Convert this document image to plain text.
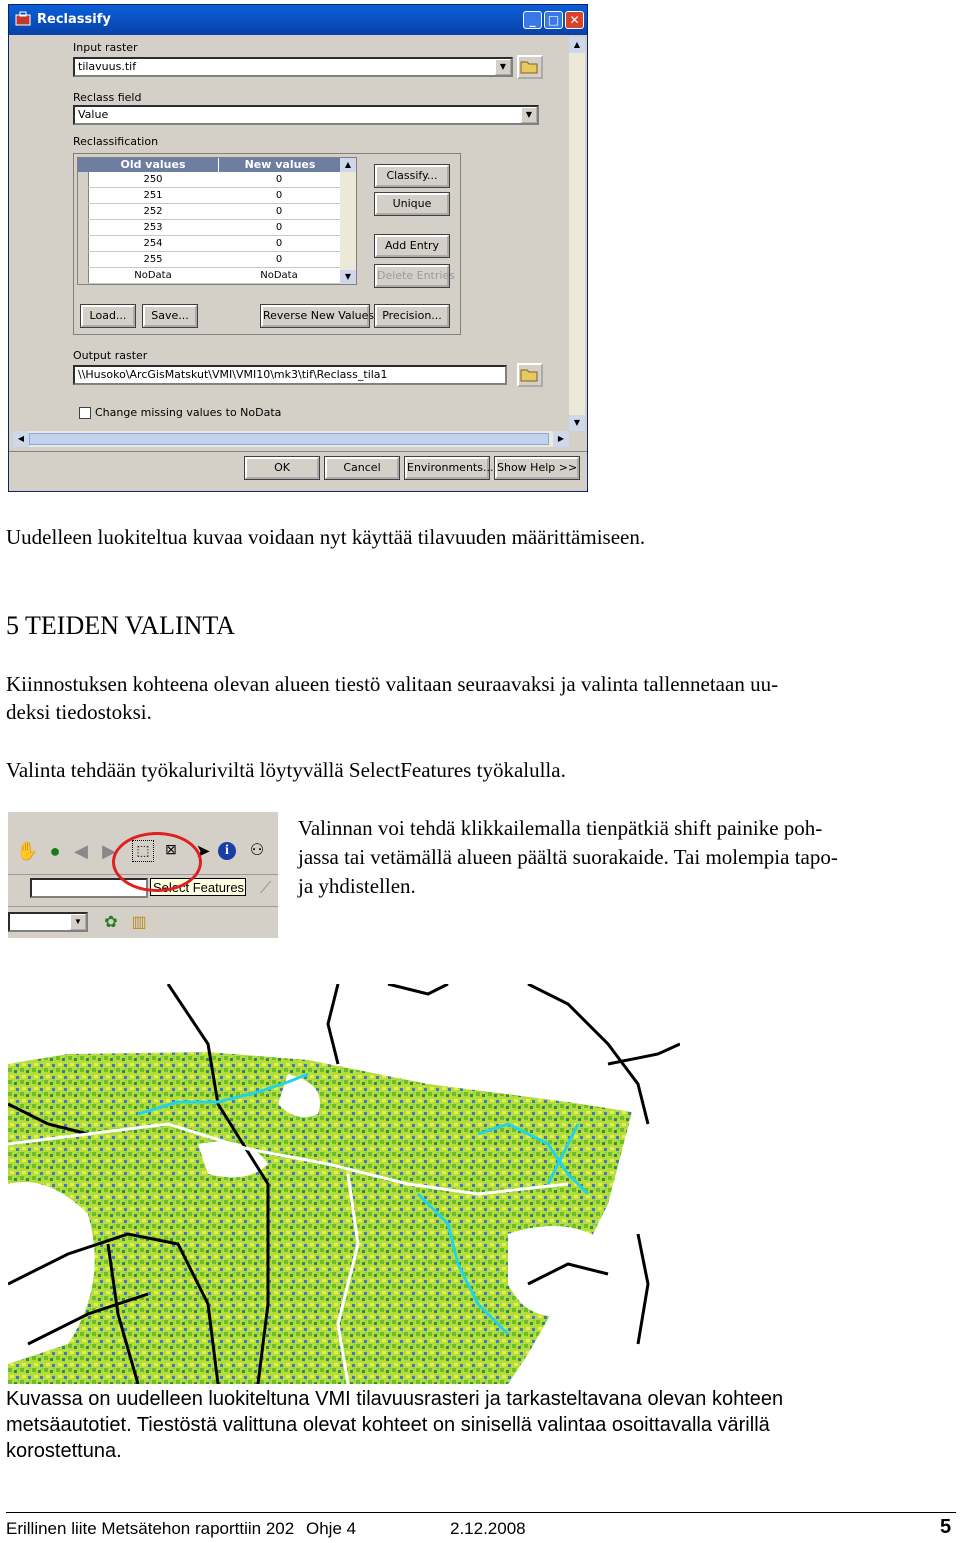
Reclassify	_	□ ✕
Input raster
tilavuus.tif	▼
Reclass field
Value	▼
Reclassification
Old values	New values	▲
▼
250	0
251	0
252	0
253	0
254	0
255	0
NoData	NoData
Classify...
Unique
Add Entry
Delete Entries
Load...	Save...	Reverse New Values Precision...
Output raster
\\Husoko\ArcGisMatskut\VMI\VMI10\mk3\tif\Reclass_tila1
Change missing values to NoData
▲
▼
◀	▶
OK	Cancel	Environments... Show Help >>
Uudelleen luokiteltua kuvaa voidaan nyt käyttää tilavuuden määrittämiseen.
5 TEIDEN VALINTA
Kiinnostuksen kohteena olevan alueen tiestö valitaan seuraavaksi ja valinta tallennetaan uu-
deksi tiedostoksi.
Valinta tehdään työkaluriviltä löytyvällä SelectFeatures työkalulla.
✋ ● ◀ ▶	⬚	⊠ ➤	i	⚇
Select Features ⟋
▼ ✿ ▥
Valinnan voi tehdä klikkailemalla tienpätkiä shift painike poh-
jassa tai vetämällä alueen päältä suorakaide. Tai molempia tapo-
ja yhdistellen.
Kuvassa on uudelleen luokiteltuna VMI tilavuusrasteri ja tarkasteltavana olevan kohteen
metsäautotiet. Tiestöstä valittuna olevat kohteet on sinisellä valintaa osoittavalla värillä
korostettuna.
Erillinen liite Metsätehon raporttiin 202 Ohje 4	2.12.2008	5
